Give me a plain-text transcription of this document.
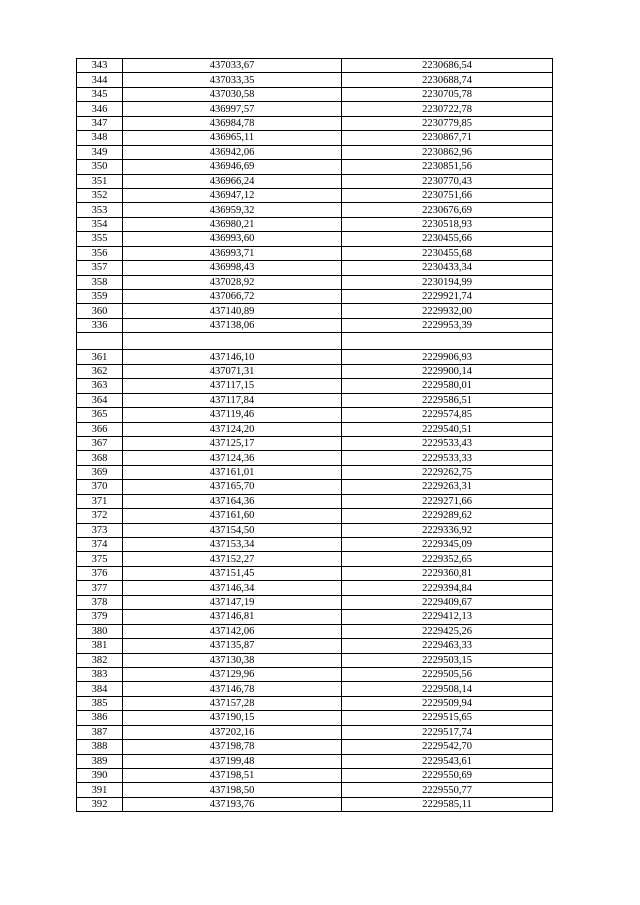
343	437033,67	2230686,54
344	437033,35	2230688,74
345	437030,58	2230705,78
346	436997,57	2230722,78
347	436984,78	2230779,85
348	436965,11	2230867,71
349	436942,06	2230862,96
350	436946,69	2230851,56
351	436966,24	2230770,43
352	436947,12	2230751,66
353	436959,32	2230676,69
354	436980,21	2230518,93
355	436993,60	2230455,66
356	436993,71	2230455,68
357	436998,43	2230433,34
358	437028,92	2230194,99
359	437066,72	2229921,74
360	437140,89	2229932,00
336	437138,06	2229953,39

361	437146,10	2229906,93
362	437071,31	2229900,14
363	437117,15	2229580,01
364	437117,84	2229586,51
365	437119,46	2229574,85
366	437124,20	2229540,51
367	437125,17	2229533,43
368	437124,36	2229533,33
369	437161,01	2229262,75
370	437165,70	2229263,31
371	437164,36	2229271,66
372	437161,60	2229289,62
373	437154,50	2229336,92
374	437153,34	2229345,09
375	437152,27	2229352,65
376	437151,45	2229360,81
377	437146,34	2229394,84
378	437147,19	2229409,67
379	437146,81	2229412,13
380	437142,06	2229425,26
381	437135,87	2229463,33
382	437130,38	2229503,15
383	437129,96	2229505,56
384	437146,78	2229508,14
385	437157,28	2229509,94
386	437190,15	2229515,65
387	437202,16	2229517,74
388	437198,78	2229542,70
389	437199,48	2229543,61
390	437198,51	2229550,69
391	437198,50	2229550,77
392	437193,76	2229585,11
